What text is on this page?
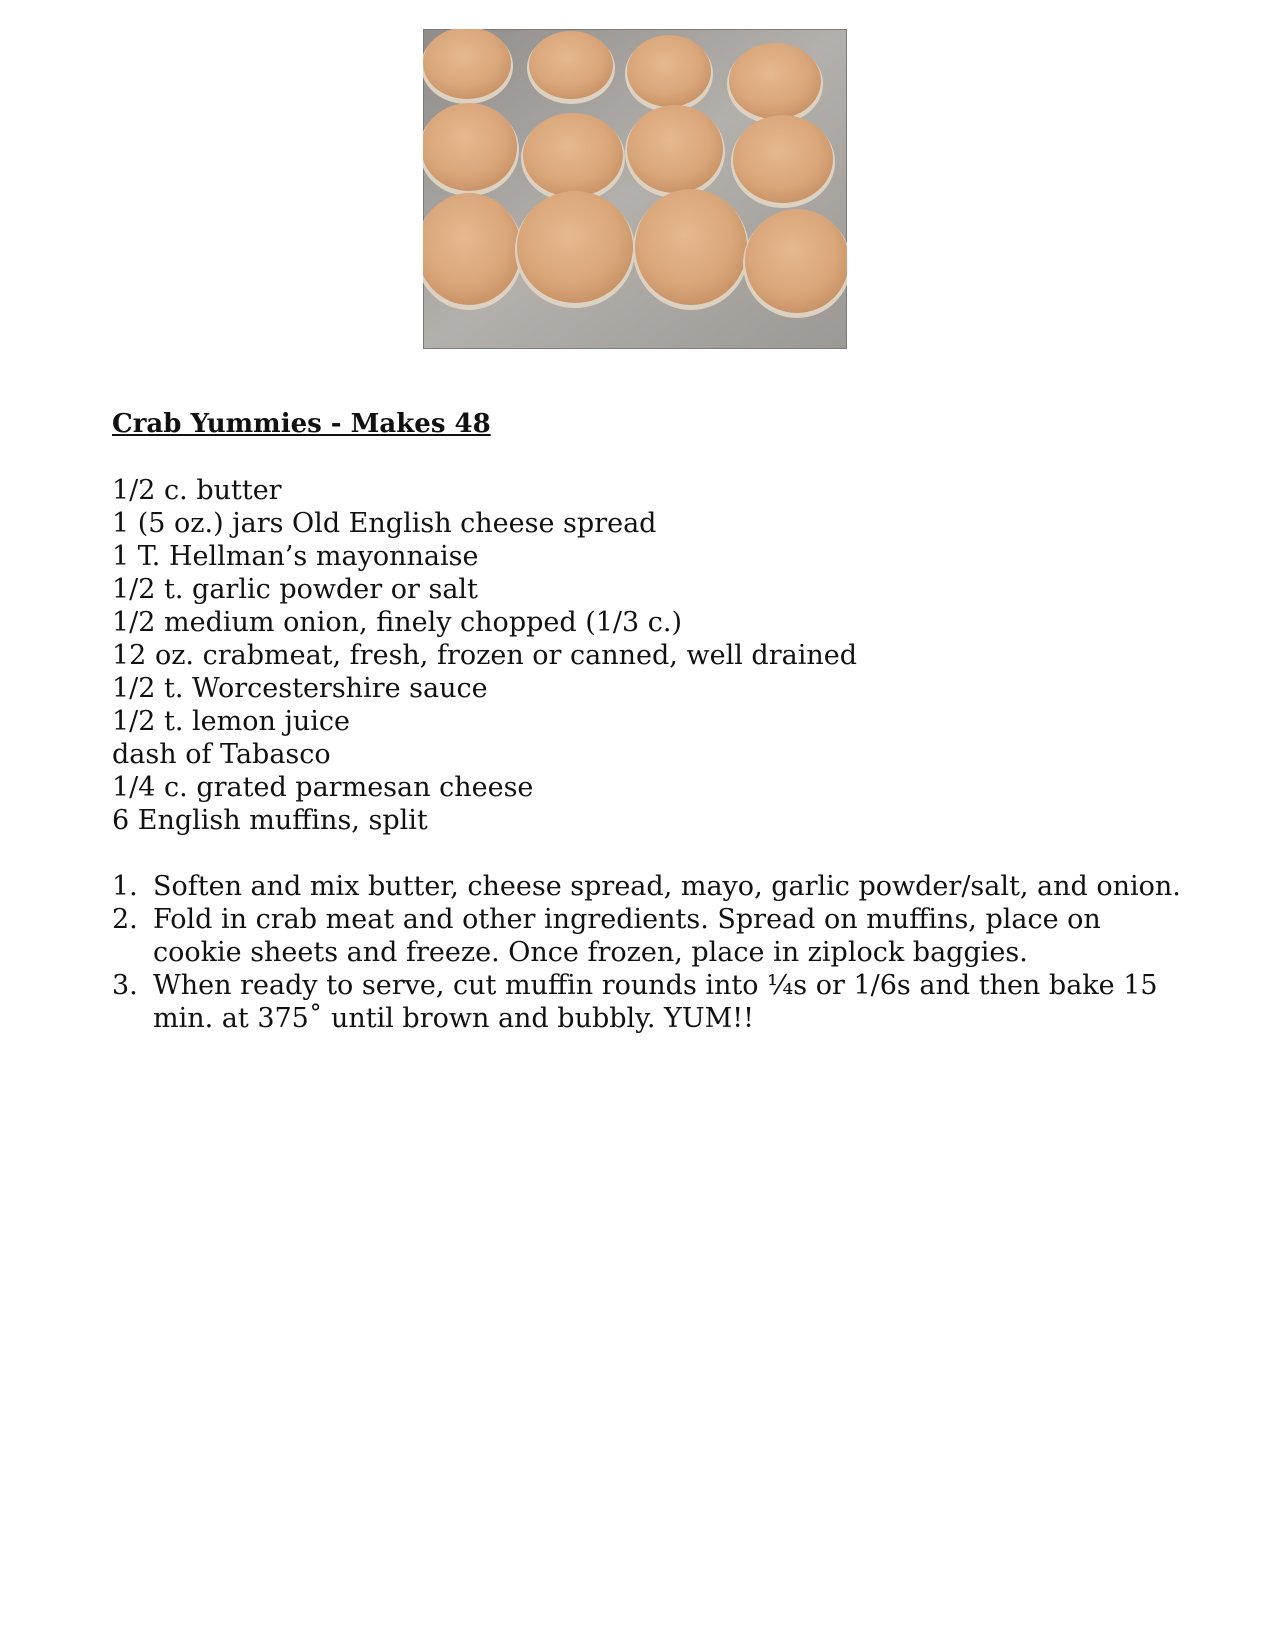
Crab Yummies - Makes 48
1/2 c. butter
1 (5 oz.) jars Old English cheese spread
1 T. Hellman’s mayonnaise
1/2 t. garlic powder or salt
1/2 medium onion, finely chopped (1/3 c.)
12 oz. crabmeat, fresh, frozen or canned, well drained
1/2 t. Worcestershire sauce
1/2 t. lemon juice
dash of Tabasco
1/4 c. grated parmesan cheese
6 English muffins, split
1. Soften and mix butter, cheese spread, mayo, garlic powder/salt, and onion.
2. Fold in crab meat and other ingredients. Spread on muffins, place on cookie sheets and freeze. Once frozen, place in ziplock baggies.
3. When ready to serve, cut muffin rounds into ¼s or 1/6s and then bake 15 min. at 375˚ until brown and bubbly. YUM!!
